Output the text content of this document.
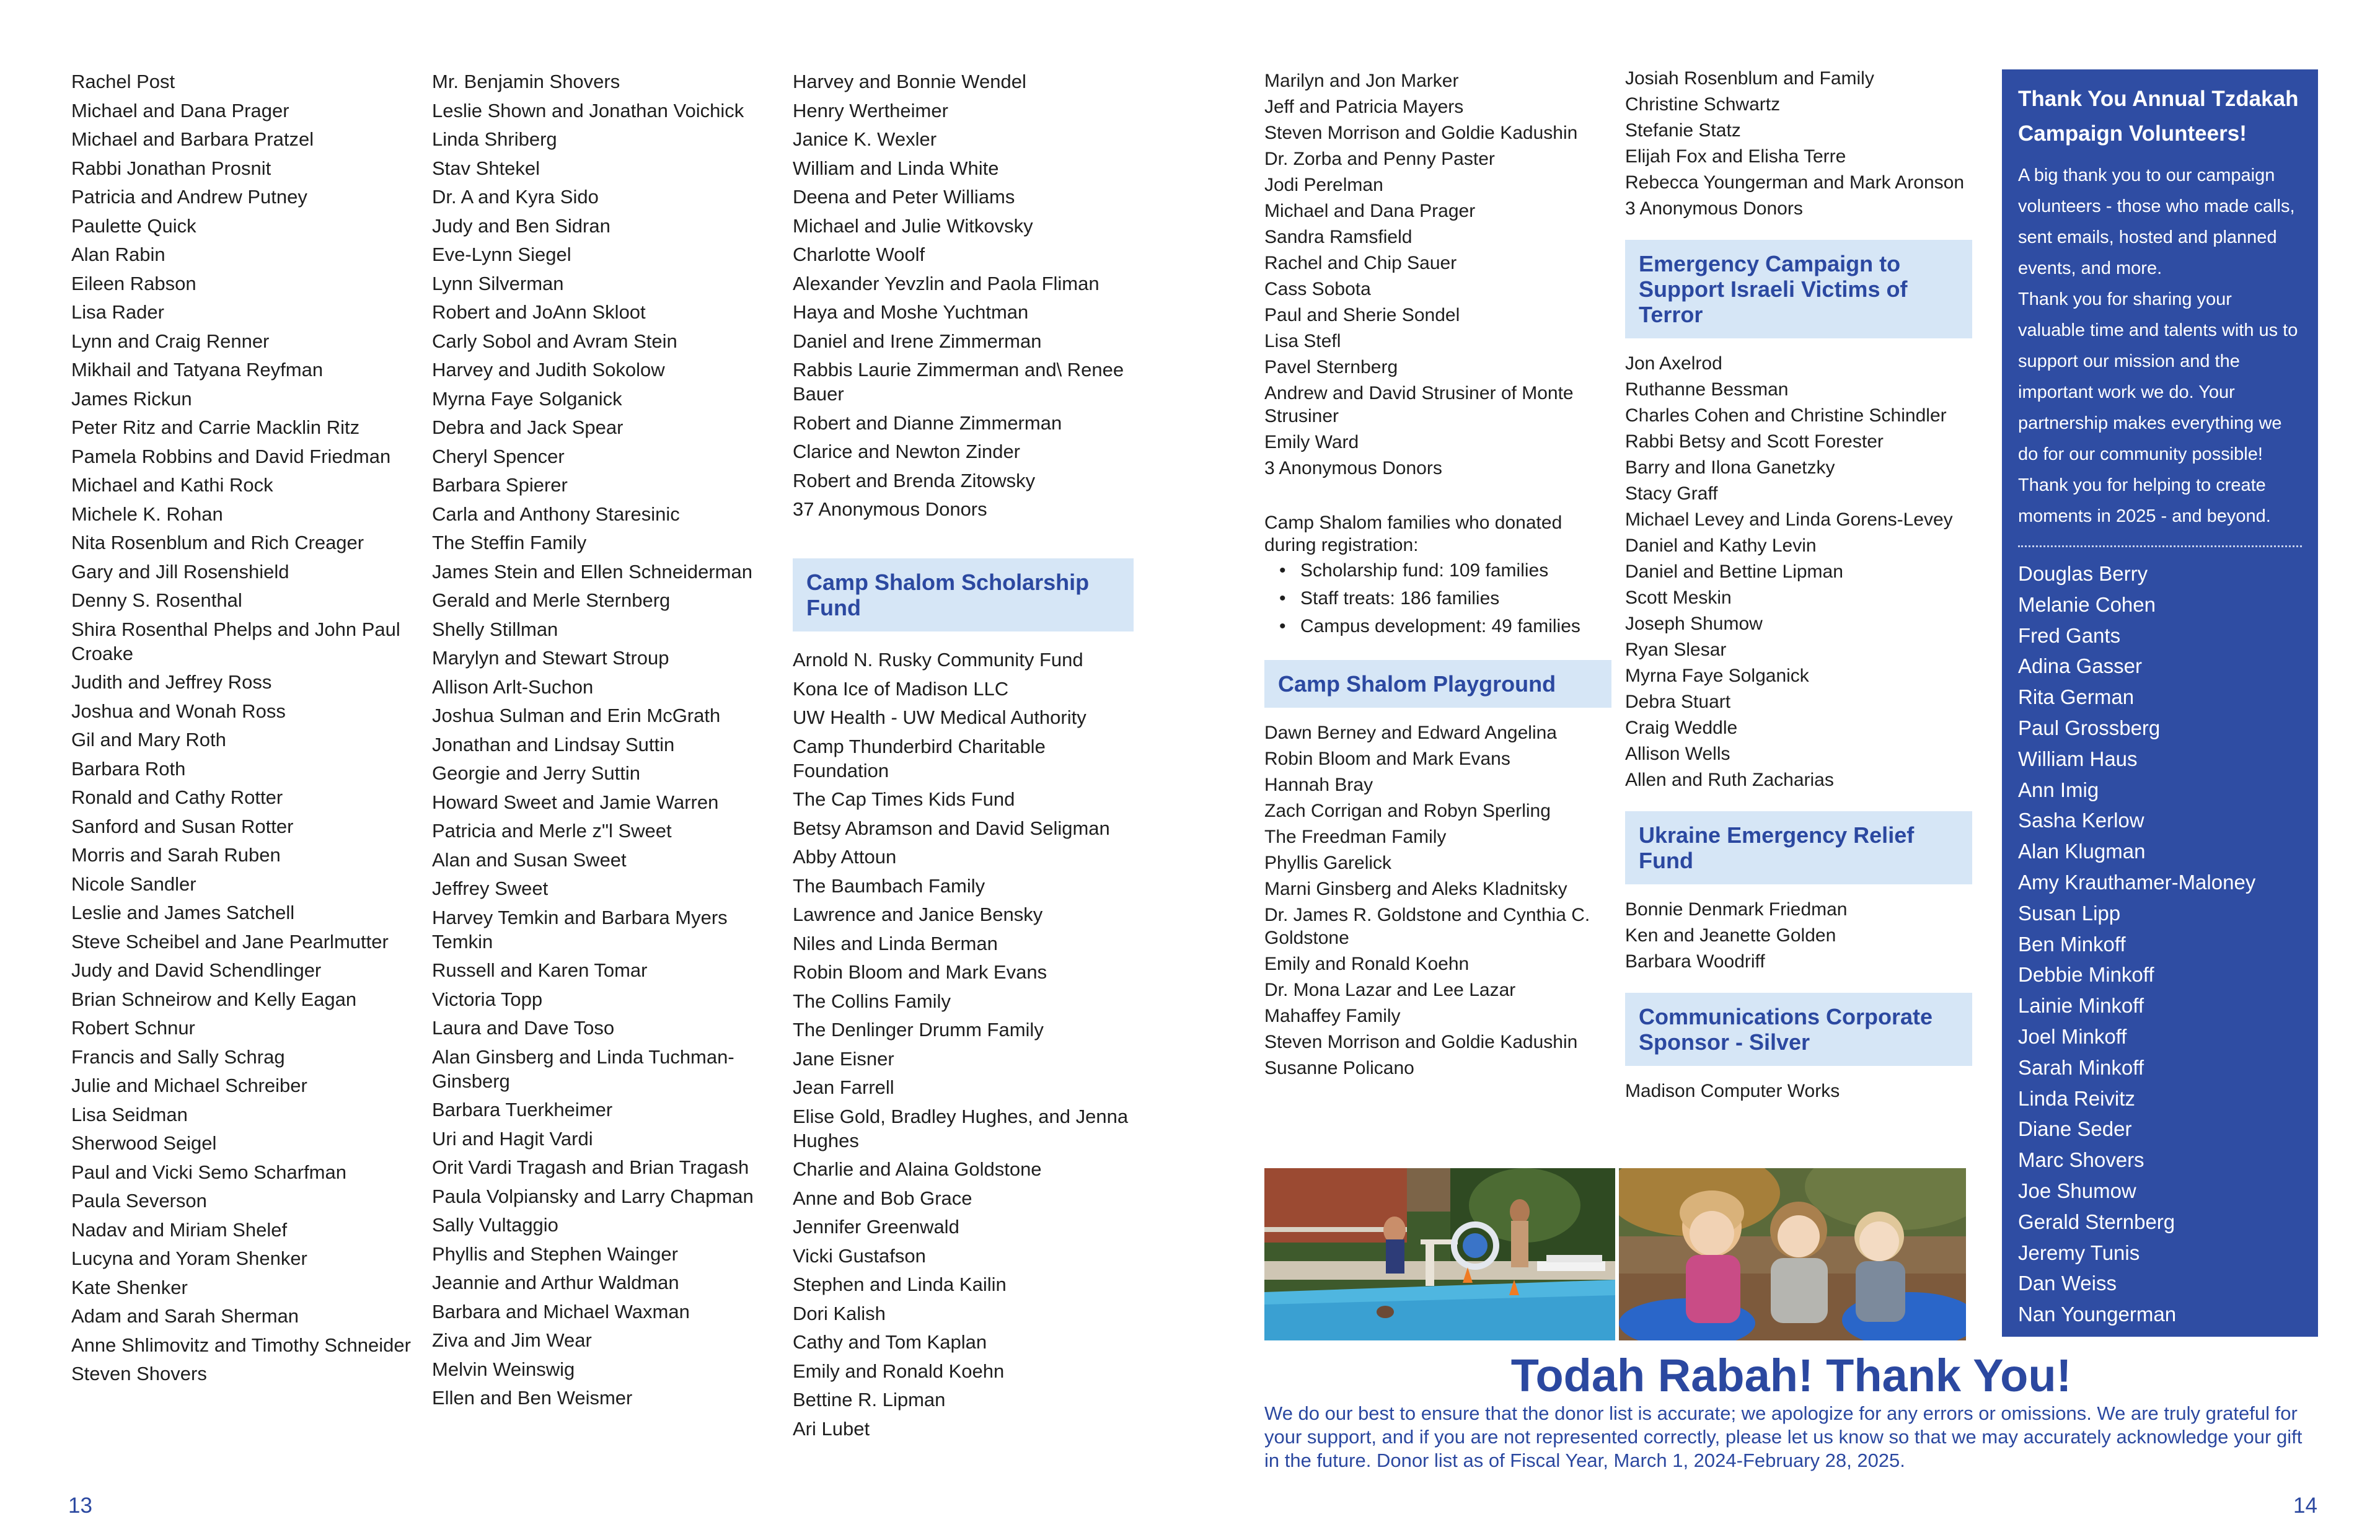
Rachel Post
Michael and Dana Prager
Michael and Barbara Pratzel
Rabbi Jonathan Prosnit
Patricia and Andrew Putney
Paulette Quick
Alan Rabin
Eileen Rabson
Lisa Rader
Lynn and Craig Renner
Mikhail and Tatyana Reyfman
James Rickun
Peter Ritz and Carrie Macklin Ritz
Pamela Robbins and David Friedman
Michael and Kathi Rock
Michele K. Rohan
Nita Rosenblum and Rich Creager
Gary and Jill Rosenshield
Denny S. Rosenthal
Shira Rosenthal Phelps and John Paul Croake
Judith and Jeffrey Ross
Joshua and Wonah Ross
Gil and Mary Roth
Barbara Roth
Ronald and Cathy Rotter
Sanford and Susan Rotter
Morris and Sarah Ruben
Nicole Sandler
Leslie and James Satchell
Steve Scheibel and Jane Pearlmutter
Judy and David Schendlinger
Brian Schneirow and Kelly Eagan
Robert Schnur
Francis and Sally Schrag
Julie and Michael Schreiber
Lisa Seidman
Sherwood Seigel
Paul and Vicki Semo Scharfman
Paula Severson
Nadav and Miriam Shelef
Lucyna and Yoram Shenker
Kate Shenker
Adam and Sarah Sherman
Anne Shlimovitz and Timothy Schneider
Steven Shovers
Mr. Benjamin Shovers
Leslie Shown and Jonathan Voichick
Linda Shriberg
Stav Shtekel
Dr. A and Kyra Sido
Judy and Ben Sidran
Eve-Lynn Siegel
Lynn Silverman
Robert and JoAnn Skloot
Carly Sobol and Avram Stein
Harvey and Judith Sokolow
Myrna Faye Solganick
Debra and Jack Spear
Cheryl Spencer
Barbara Spierer
Carla and Anthony Staresinic
The Steffin Family
James Stein and Ellen Schneiderman
Gerald and Merle Sternberg
Shelly Stillman
Marylyn and Stewart Stroup
Allison Arlt-Suchon
Joshua Sulman and Erin McGrath
Jonathan and Lindsay Suttin
Georgie and Jerry Suttin
Howard Sweet and Jamie Warren
Patricia and Merle z"l Sweet
Alan and Susan Sweet
Jeffrey Sweet
Harvey Temkin and Barbara Myers Temkin
Russell and Karen Tomar
Victoria Topp
Laura and Dave Toso
Alan Ginsberg and Linda Tuchman-Ginsberg
Barbara Tuerkheimer
Uri and Hagit Vardi
Orit Vardi Tragash and Brian Tragash
Paula Volpiansky and Larry Chapman
Sally Vultaggio
Phyllis and Stephen Wainger
Jeannie and Arthur Waldman
Barbara and Michael Waxman
Ziva and Jim Wear
Melvin Weinswig
Ellen and Ben Weismer
Harvey and Bonnie Wendel
Henry Wertheimer
Janice K. Wexler
William and Linda White
Deena and Peter Williams
Michael and Julie Witkovsky
Charlotte Woolf
Alexander Yevzlin and Paola Fliman
Haya and Moshe Yuchtman
Daniel and Irene Zimmerman
Rabbis Laurie Zimmerman and\ Renee Bauer
Robert and Dianne Zimmerman
Clarice and Newton Zinder
Robert and Brenda Zitowsky
37 Anonymous Donors
Camp Shalom Scholarship Fund
Arnold N. Rusky Community Fund
Kona Ice of Madison LLC
UW Health - UW Medical Authority
Camp Thunderbird Charitable Foundation
The Cap Times Kids Fund
Betsy Abramson and David Seligman
Abby Attoun
The Baumbach Family
Lawrence and Janice Bensky
Niles and Linda Berman
Robin Bloom and Mark Evans
The Collins Family
The Denlinger Drumm Family
Jane Eisner
Jean Farrell
Elise Gold, Bradley Hughes, and Jenna Hughes
Charlie and Alaina Goldstone
Anne and Bob Grace
Jennifer Greenwald
Vicki Gustafson
Stephen and Linda Kailin
Dori Kalish
Cathy and Tom Kaplan
Emily and Ronald Koehn
Bettine R. Lipman
Ari Lubet
13
Marilyn and Jon Marker
Jeff and Patricia Mayers
Steven Morrison and Goldie Kadushin
Dr. Zorba and Penny Paster
Jodi Perelman
Michael and Dana Prager
Sandra Ramsfield
Rachel and Chip Sauer
Cass Sobota
Paul and Sherie Sondel
Lisa Stefl
Pavel Sternberg
Andrew and David Strusiner of Monte Strusiner
Emily Ward
3 Anonymous Donors

Camp Shalom families who donated during registration:

• Scholarship fund: 109 families
• Staff treats: 186 families
• Campus development: 49 families
Camp Shalom Playground
Dawn Berney and Edward Angelina
Robin Bloom and Mark Evans
Hannah Bray
Zach Corrigan and Robyn Sperling
The Freedman Family
Phyllis Garelick
Marni Ginsberg and Aleks Kladnitsky
Dr. James R. Goldstone and Cynthia C. Goldstone
Emily and Ronald Koehn
Dr. Mona Lazar and Lee Lazar
Mahaffey Family
Steven Morrison and Goldie Kadushin
Susanne Policano
Josiah Rosenblum and Family
Christine Schwartz
Stefanie Statz
Elijah Fox and Elisha Terre
Rebecca Youngerman and Mark Aronson
3 Anonymous Donors
Emergency Campaign to Support Israeli Victims of Terror
Jon Axelrod
Ruthanne Bessman
Charles Cohen and Christine Schindler
Rabbi Betsy and Scott Forester
Barry and Ilona Ganetzky
Stacy Graff
Michael Levey and Linda Gorens-Levey
Daniel and Kathy Levin
Daniel and Bettine Lipman
Scott Meskin
Joseph Shumow
Ryan Slesar
Myrna Faye Solganick
Debra Stuart
Craig Weddle
Allison Wells
Allen and Ruth Zacharias
Ukraine Emergency Relief Fund
Bonnie Denmark Friedman
Ken and Jeanette Golden
Barbara Woodriff
Communications Corporate Sponsor - Silver
Madison Computer Works
Thank You Annual Tzdakah Campaign Volunteers!

A big thank you to our campaign volunteers - those who made calls, sent emails, hosted and planned events, and more.

Thank you for sharing your valuable time and talents with us to support our mission and the important work we do. Your partnership makes everything we do for our community possible! Thank you for helping to create moments in 2025 - and beyond.

Douglas Berry
Melanie Cohen
Fred Gants
Adina Gasser
Rita German
Paul Grossberg
William Haus
Ann Imig
Sasha Kerlow
Alan Klugman
Amy Krauthamer-Maloney
Susan Lipp
Ben Minkoff
Debbie Minkoff
Lainie Minkoff
Joel Minkoff
Sarah Minkoff
Linda Reivitz
Diane Seder
Marc Shovers
Joe Shumow
Gerald Sternberg
Jeremy Tunis
Dan Weiss
Nan Youngerman
Todah Rabah! Thank You!

We do our best to ensure that the donor list is accurate; we apologize for any errors or omissions. We are truly grateful for your support, and if you are not represented correctly, please let us know so that we may accurately acknowledge your gift in the future. Donor list as of Fiscal Year, March 1, 2024-February 28, 2025.

14
